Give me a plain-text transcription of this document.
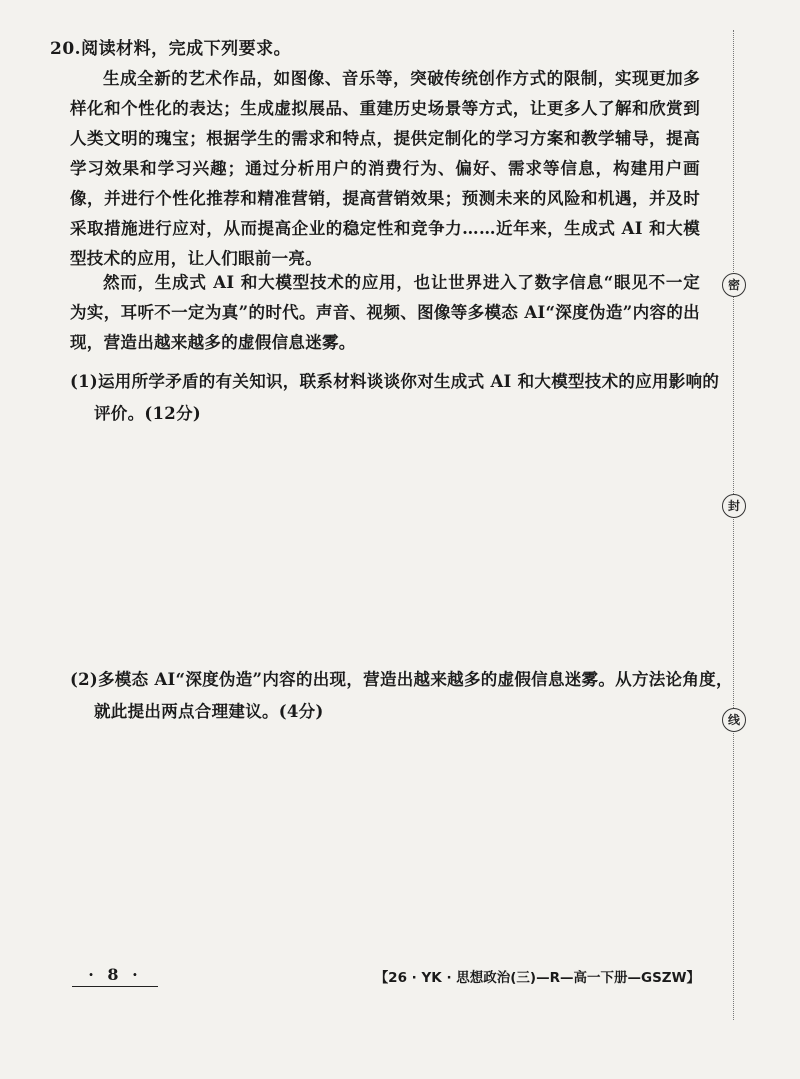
20.阅读材料，完成下列要求。
生成全新的艺术作品，如图像、音乐等，突破传统创作方式的限制，实现更加多样化和个性化的表达；生成虚拟展品、重建历史场景等方式，让更多人了解和欣赏到人类文明的瑰宝；根据学生的需求和特点，提供定制化的学习方案和教学辅导，提高学习效果和学习兴趣；通过分析用户的消费行为、偏好、需求等信息，构建用户画像，并进行个性化推荐和精准营销，提高营销效果；预测未来的风险和机遇，并及时采取措施进行应对，从而提高企业的稳定性和竞争力……近年来，生成式 AI 和大模型技术的应用，让人们眼前一亮。
然而，生成式 AI 和大模型技术的应用，也让世界进入了数字信息“眼见不一定为实，耳听不一定为真”的时代。声音、视频、图像等多模态 AI“深度伪造”内容的出现，营造出越来越多的虚假信息迷雾。
(1)运用所学矛盾的有关知识，联系材料谈谈你对生成式 AI 和大模型技术的应用影响的评价。(12分)
(2)多模态 AI“深度伪造”内容的出现，营造出越来越多的虚假信息迷雾。从方法论角度，就此提出两点合理建议。(4分)
密
封
线
· 8 ·	【26 · YK · 思想政治(三)—R—高一下册—GSZW】
